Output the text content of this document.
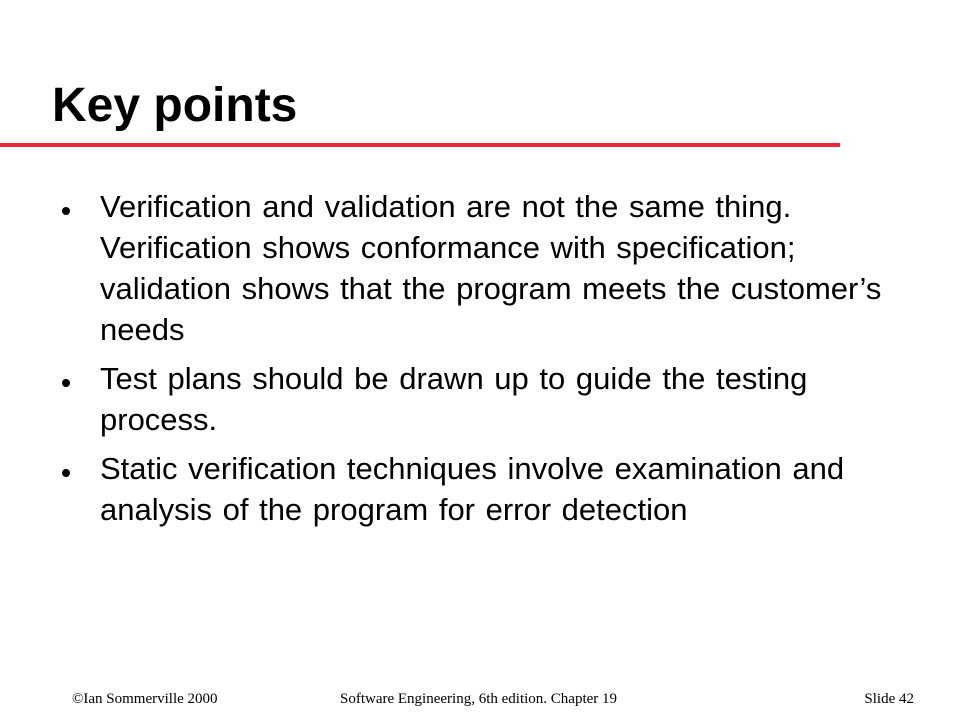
Key points
Verification and validation are not the same thing. Verification shows conformance with specification; validation shows that the program meets the customer’s needs
Test plans should be drawn up to guide the testing process.
Static verification techniques involve examination and analysis of the program for error detection
©Ian Sommerville 2000	Software Engineering, 6th edition. Chapter 19	Slide 42
